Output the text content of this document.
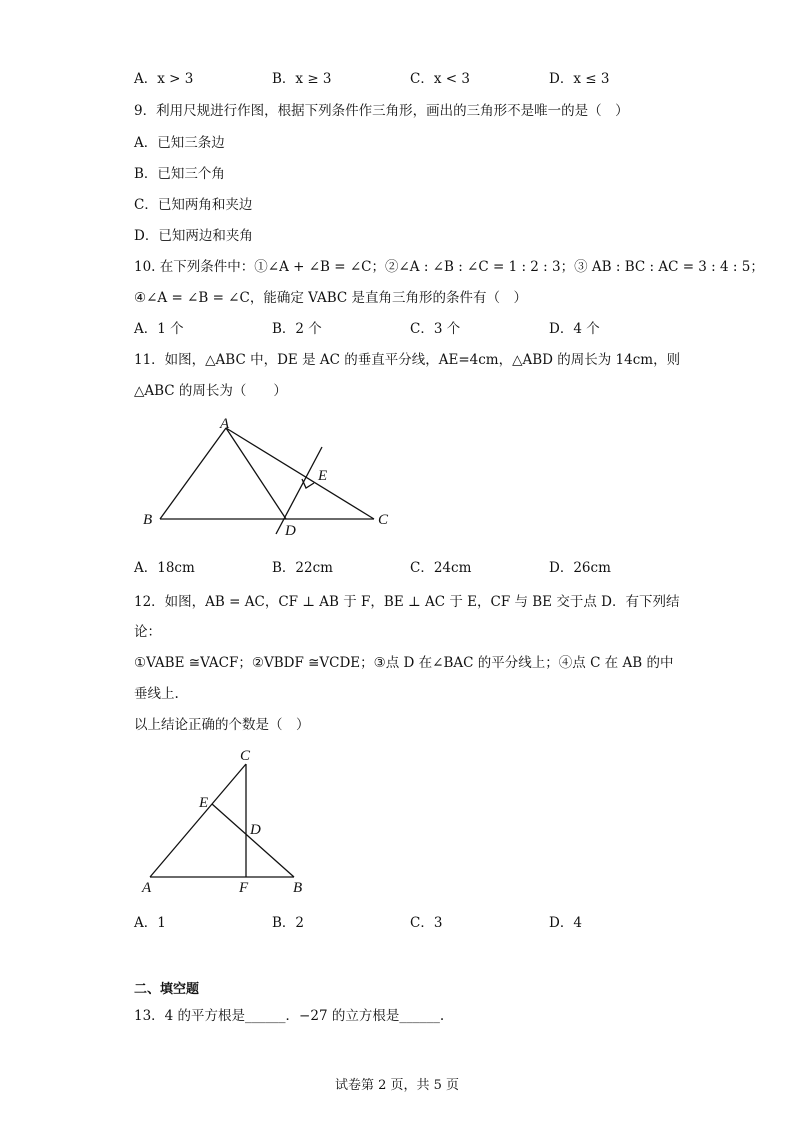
A．x > 3	B．x ≥ 3	C．x < 3	D．x ≤ 3
9．利用尺规进行作图，根据下列条件作三角形，画出的三角形不是唯一的是（　）
A．已知三条边
B．已知三个角
C．已知两角和夹边
D．已知两边和夹角
10. 在下列条件中：①∠A + ∠B = ∠C；②∠A : ∠B : ∠C = 1 : 2 : 3；③ AB : BC : AC = 3 : 4 : 5；
④∠A = ∠B = ∠C，能确定 VABC 是直角三角形的条件有（　）
A．1 个	B．2 个	C．3 个	D．4 个
11．如图，△ABC 中，DE 是 AC 的垂直平分线，AE=4cm，△ABD 的周长为 14cm，则
△ABC 的周长为（　　）
A
B	C
D
E
A．18cm	B．22cm	C．24cm	D．26cm
12．如图，AB = AC，CF ⊥ AB 于 F，BE ⊥ AC 于 E，CF 与 BE 交于点 D．有下列结
论：
①VABE ≅VACF；②VBDF ≅VCDE；③点 D 在∠BAC 的平分线上；④点 C 在 AB 的中
垂线上.
以上结论正确的个数是（　）
C
E
D
A	F	B
A．1	B．2	C．3	D．4
二、填空题
13．4 的平方根是______．−27 的立方根是______.
试卷第 2 页，共 5 页
